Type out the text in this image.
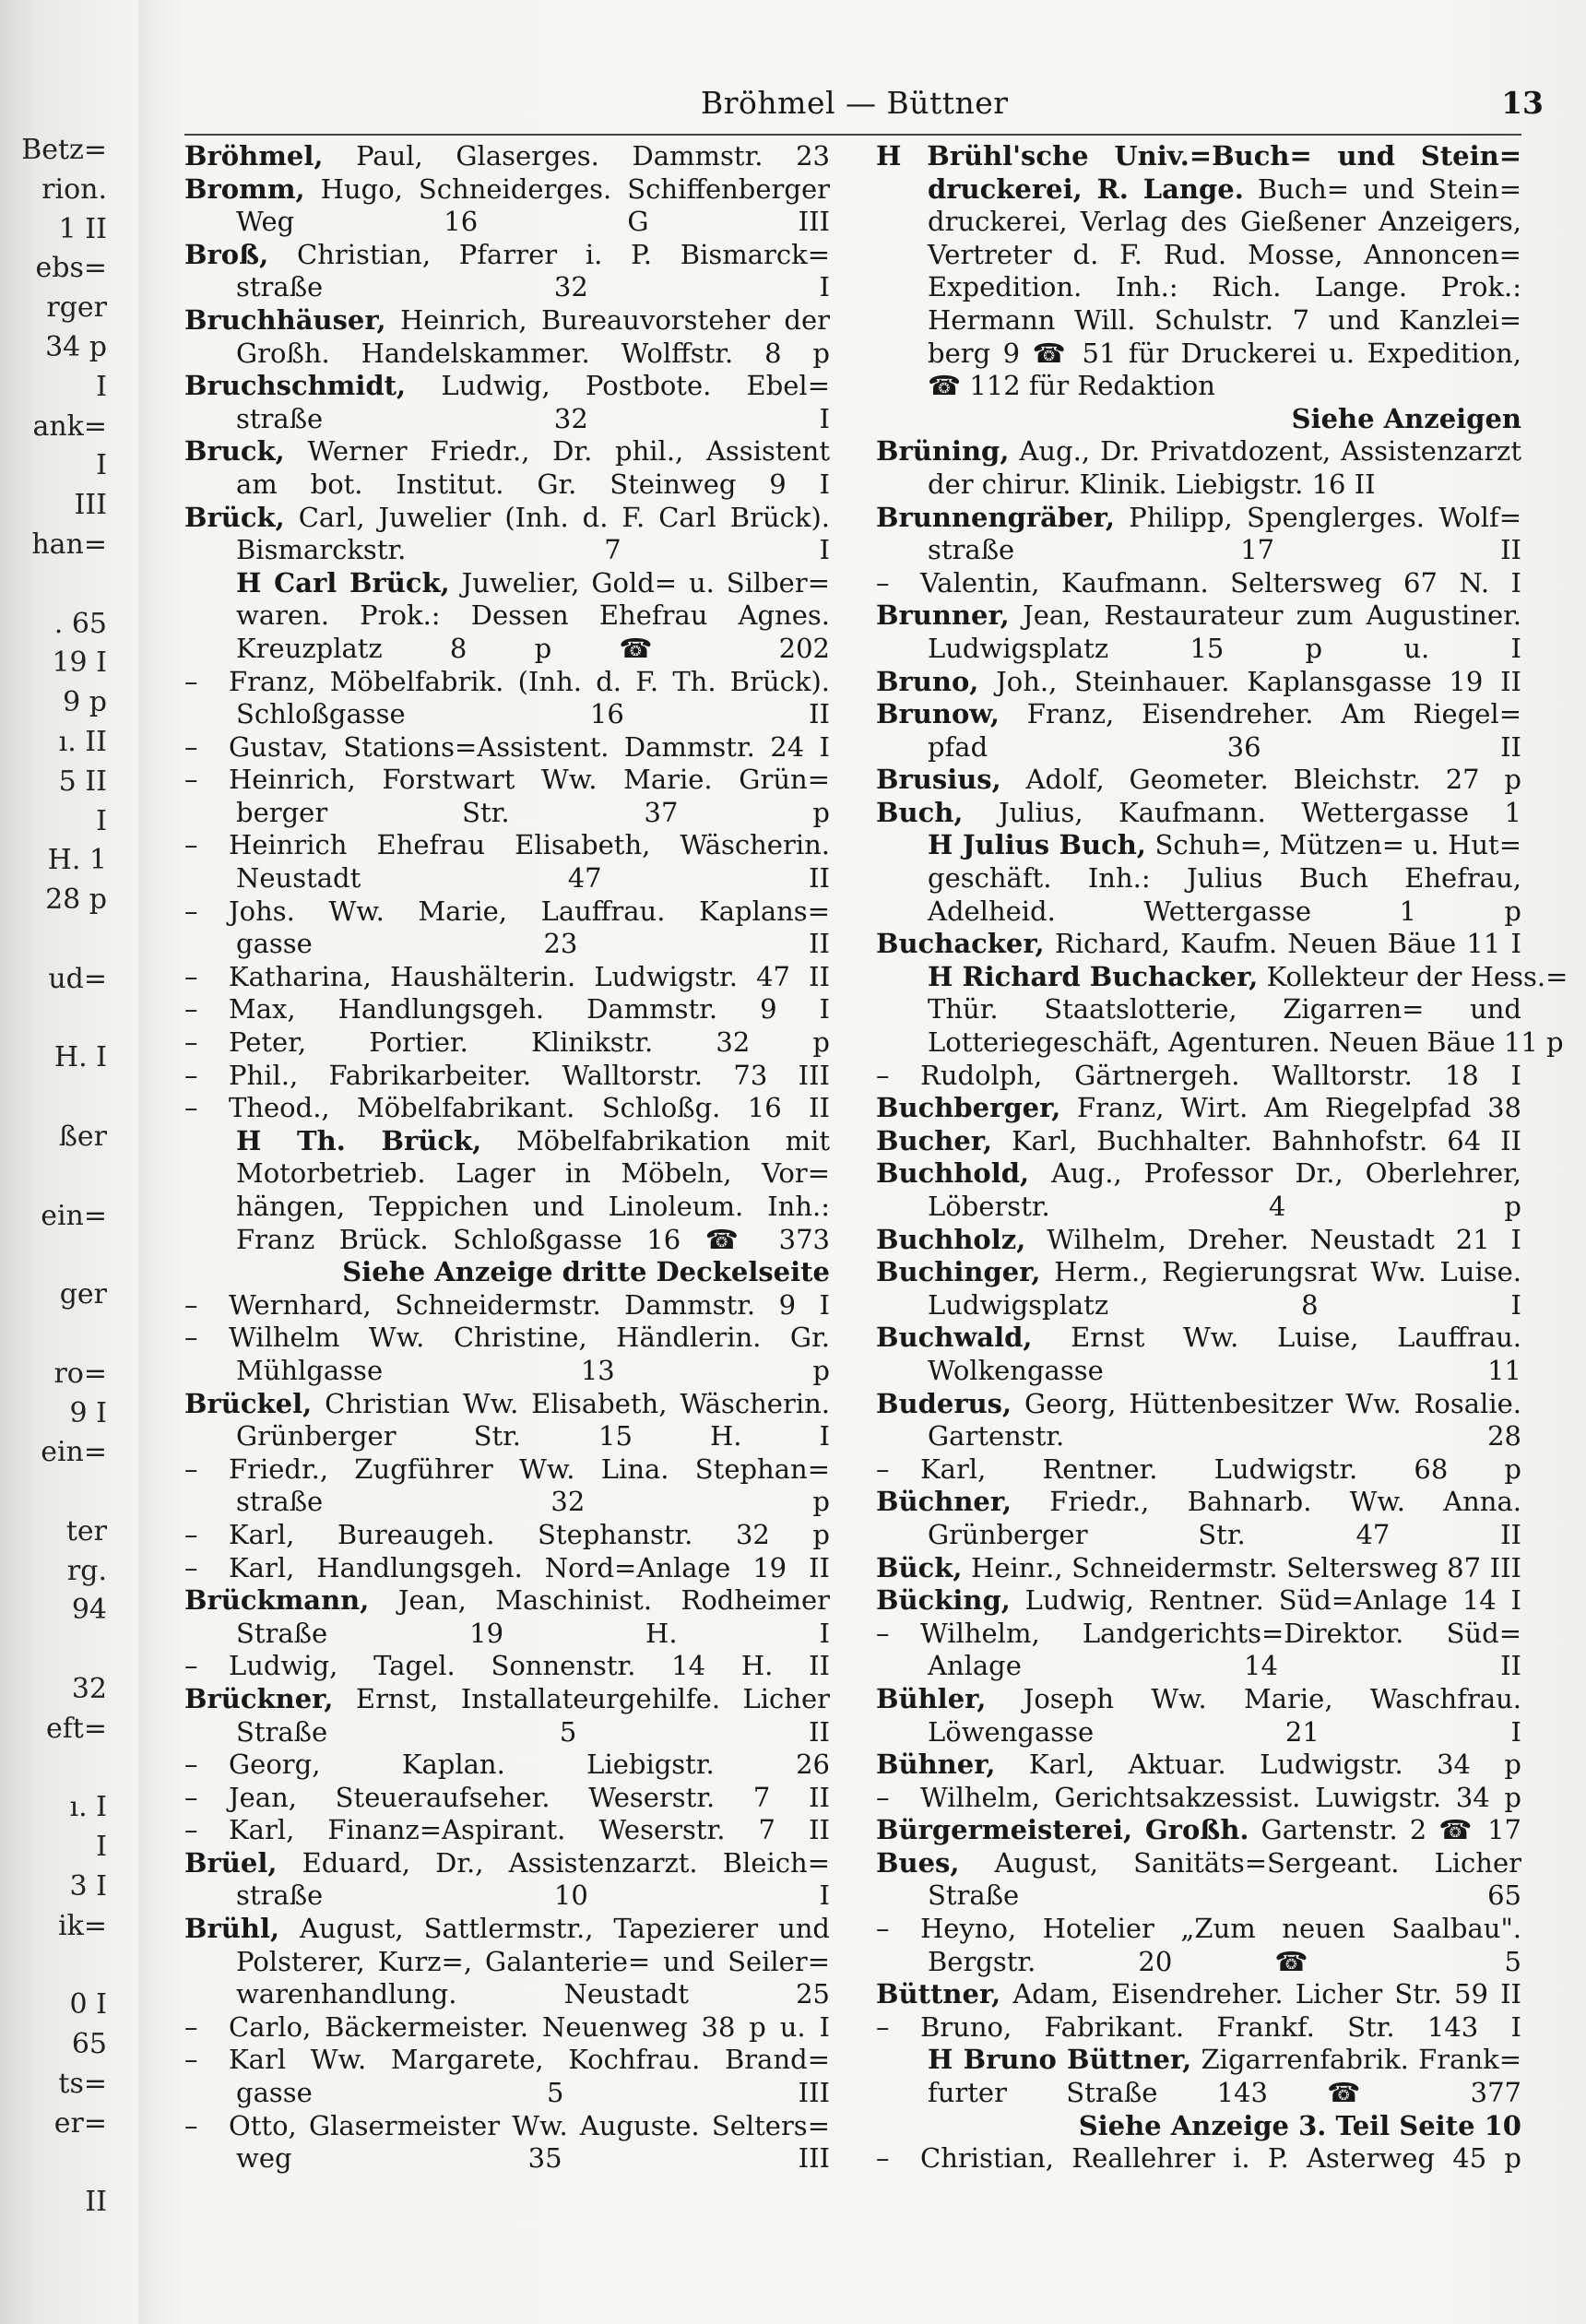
Betz=
rion.
1 II
ebs=
rger
34 p
I
ank=
I
III
han=
. 65
19 I
9 p
ı. II
5 II
I
H. 1
28 p
ud=
H. I
ßer
ein=
ger
ro=
9 I
ein=
ter
rg.
94
32
eft=
ı. I
I
3 I
ik=
0 I
65
ts=
er=
II
Bröhmel — Büttner	13
Bröhmel, Paul, Glaserges. Dammstr. 23
Bromm, Hugo, Schneiderges. Schiffenberger
Weg 16 G III
Broß, Christian, Pfarrer i. P. Bismarck=
straße 32 I
Bruchhäuser, Heinrich, Bureauvorsteher der
Großh. Handelskammer. Wolffstr. 8 p
Bruchschmidt, Ludwig, Postbote. Ebel=
straße 32 I
Bruck, Werner Friedr., Dr. phil., Assistent
am bot. Institut. Gr. Steinweg 9 I
Brück, Carl, Juwelier (Inh. d. F. Carl Brück).
Bismarckstr. 7 I
H Carl Brück, Juwelier, Gold= u. Silber=
waren. Prok.: Dessen Ehefrau Agnes.
Kreuzplatz 8 p ☎ 202
– Franz, Möbelfabrik. (Inh. d. F. Th. Brück).
Schloßgasse 16 II
– Gustav, Stations=Assistent. Dammstr. 24 I
– Heinrich, Forstwart Ww. Marie. Grün=
berger Str. 37 p
– Heinrich Ehefrau Elisabeth, Wäscherin.
Neustadt 47 II
– Johs. Ww. Marie, Lauffrau. Kaplans=
gasse 23 II
– Katharina, Haushälterin. Ludwigstr. 47 II
– Max, Handlungsgeh. Dammstr. 9 I
– Peter, Portier. Klinikstr. 32 p
– Phil., Fabrikarbeiter. Walltorstr. 73 III
– Theod., Möbelfabrikant. Schloßg. 16 II
H Th. Brück, Möbelfabrikation mit
Motorbetrieb. Lager in Möbeln, Vor=
hängen, Teppichen und Linoleum. Inh.:
Franz Brück. Schloßgasse 16 ☎ 373
Siehe Anzeige dritte Deckelseite
– Wernhard, Schneidermstr. Dammstr. 9 I
– Wilhelm Ww. Christine, Händlerin. Gr.
Mühlgasse 13 p
Brückel, Christian Ww. Elisabeth, Wäscherin.
Grünberger Str. 15 H. I
– Friedr., Zugführer Ww. Lina. Stephan=
straße 32 p
– Karl, Bureaugeh. Stephanstr. 32 p
– Karl, Handlungsgeh. Nord=Anlage 19 II
Brückmann, Jean, Maschinist. Rodheimer
Straße 19 H. I
– Ludwig, Tagel. Sonnenstr. 14 H. II
Brückner, Ernst, Installateurgehilfe. Licher
Straße 5 II
– Georg, Kaplan. Liebigstr. 26
– Jean, Steueraufseher. Weserstr. 7 II
– Karl, Finanz=Aspirant. Weserstr. 7 II
Brüel, Eduard, Dr., Assistenzarzt. Bleich=
straße 10 I
Brühl, August, Sattlermstr., Tapezierer und
Polsterer, Kurz=, Galanterie= und Seiler=
warenhandlung. Neustadt 25
– Carlo, Bäckermeister. Neuenweg 38 p u. I
– Karl Ww. Margarete, Kochfrau. Brand=
gasse 5 III
– Otto, Glasermeister Ww. Auguste. Selters=
weg 35 III
H Brühl'sche Univ.=Buch= und Stein=
druckerei, R. Lange. Buch= und Stein=
druckerei, Verlag des Gießener Anzeigers,
Vertreter d. F. Rud. Mosse, Annoncen=
Expedition. Inh.: Rich. Lange. Prok.:
Hermann Will. Schulstr. 7 und Kanzlei=
berg 9 ☎ 51 für Druckerei u. Expedition,
☎ 112 für Redaktion
Siehe Anzeigen
Brüning, Aug., Dr. Privatdozent, Assistenzarzt
der chirur. Klinik. Liebigstr. 16 II
Brunnengräber, Philipp, Spenglerges. Wolf=
straße 17 II
– Valentin, Kaufmann. Seltersweg 67 N. I
Brunner, Jean, Restaurateur zum Augustiner.
Ludwigsplatz 15 p u. I
Bruno, Joh., Steinhauer. Kaplansgasse 19 II
Brunow, Franz, Eisendreher. Am Riegel=
pfad 36 II
Brusius, Adolf, Geometer. Bleichstr. 27 p
Buch, Julius, Kaufmann. Wettergasse 1
H Julius Buch, Schuh=, Mützen= u. Hut=
geschäft. Inh.: Julius Buch Ehefrau,
Adelheid. Wettergasse 1 p
Buchacker, Richard, Kaufm. Neuen Bäue 11 I
H Richard Buchacker, Kollekteur der Hess.=
Thür. Staatslotterie, Zigarren= und
Lotteriegeschäft, Agenturen. Neuen Bäue 11 p
– Rudolph, Gärtnergeh. Walltorstr. 18 I
Buchberger, Franz, Wirt. Am Riegelpfad 38
Bucher, Karl, Buchhalter. Bahnhofstr. 64 II
Buchhold, Aug., Professor Dr., Oberlehrer,
Löberstr. 4 p
Buchholz, Wilhelm, Dreher. Neustadt 21 I
Buchinger, Herm., Regierungsrat Ww. Luise.
Ludwigsplatz 8 I
Buchwald, Ernst Ww. Luise, Lauffrau.
Wolkengasse 11
Buderus, Georg, Hüttenbesitzer Ww. Rosalie.
Gartenstr. 28
– Karl, Rentner. Ludwigstr. 68 p
Büchner, Friedr., Bahnarb. Ww. Anna.
Grünberger Str. 47 II
Bück, Heinr., Schneidermstr. Seltersweg 87 III
Bücking, Ludwig, Rentner. Süd=Anlage 14 I
– Wilhelm, Landgerichts=Direktor. Süd=
Anlage 14 II
Bühler, Joseph Ww. Marie, Waschfrau.
Löwengasse 21 I
Bühner, Karl, Aktuar. Ludwigstr. 34 p
– Wilhelm, Gerichtsakzessist. Luwigstr. 34 p
Bürgermeisterei, Großh. Gartenstr. 2 ☎ 17
Bues, August, Sanitäts=Sergeant. Licher
Straße 65
– Heyno, Hotelier „Zum neuen Saalbau".
Bergstr. 20 ☎ 5
Büttner, Adam, Eisendreher. Licher Str. 59 II
– Bruno, Fabrikant. Frankf. Str. 143 I
H Bruno Büttner, Zigarrenfabrik. Frank=
furter Straße 143 ☎ 377
Siehe Anzeige 3. Teil Seite 10
– Christian, Reallehrer i. P. Asterweg 45 p
